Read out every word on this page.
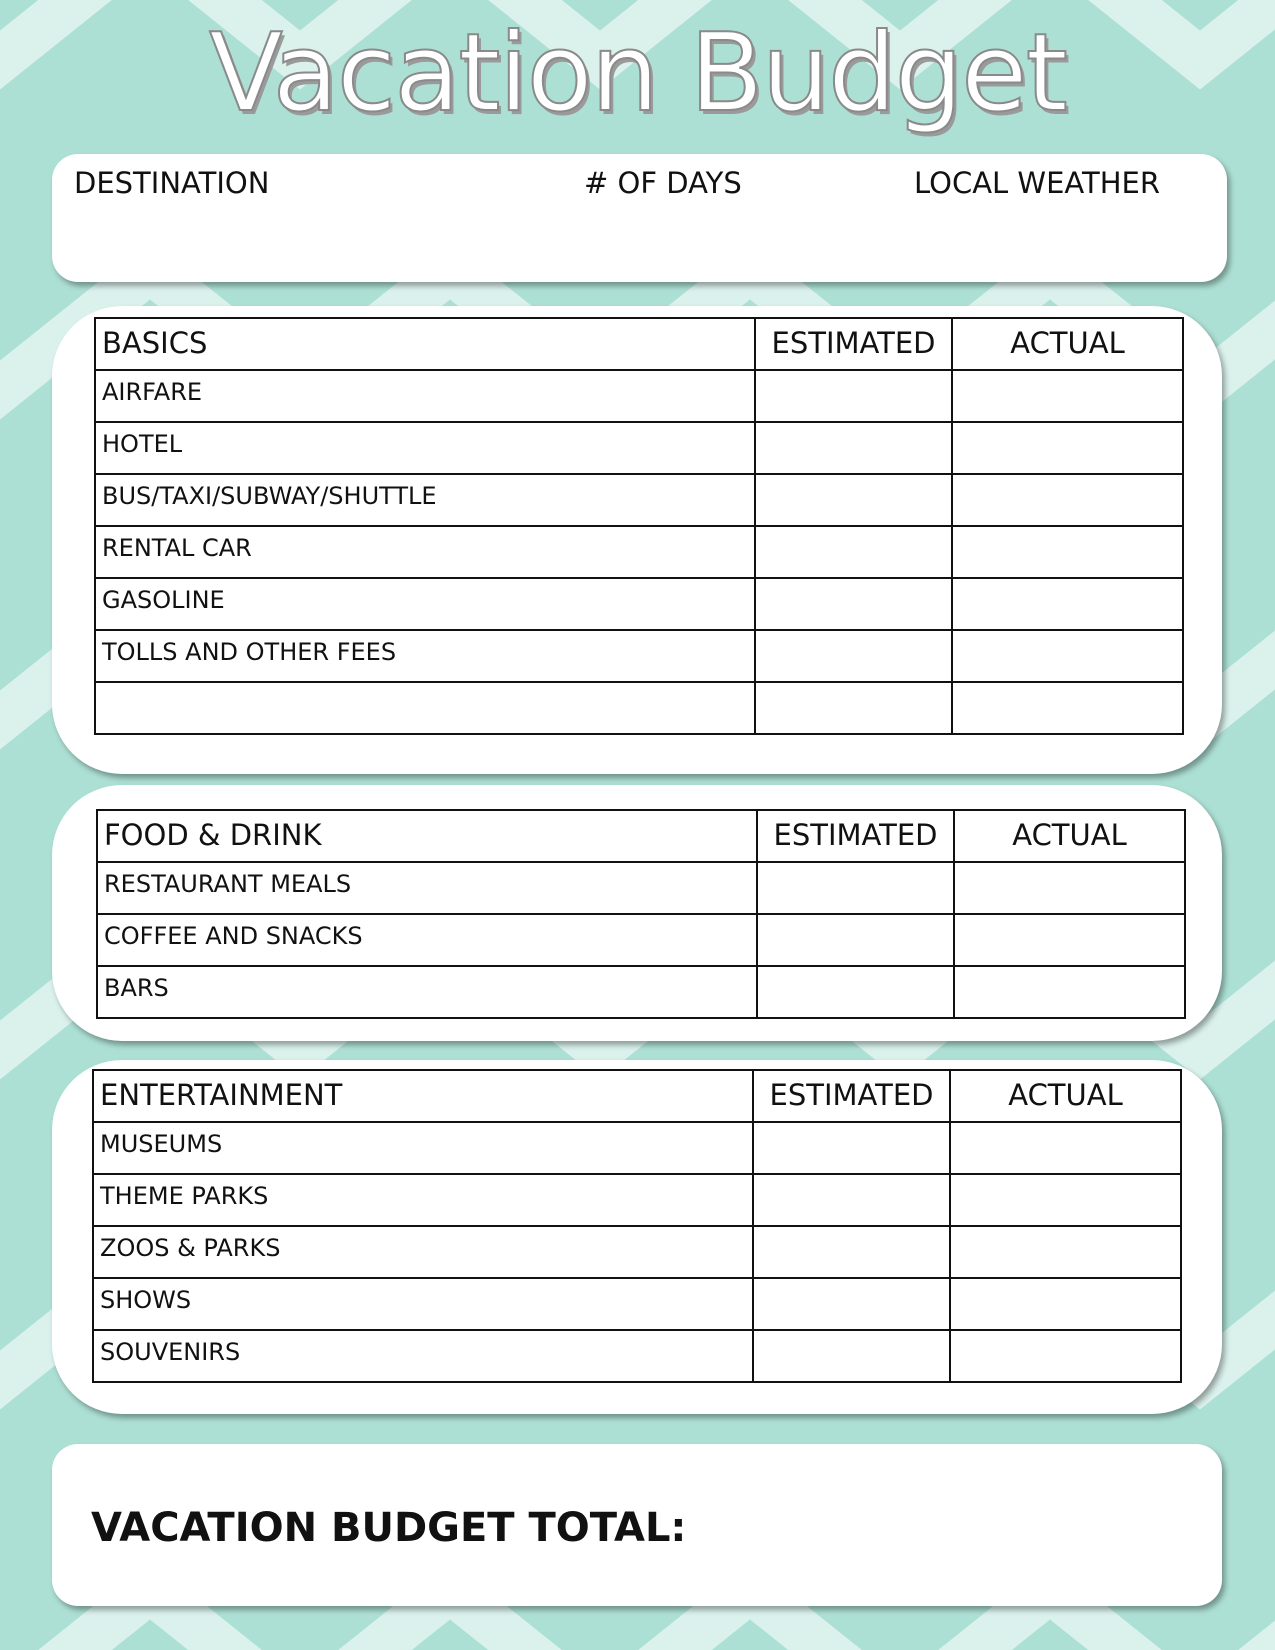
Vacation Budget
DESTINATION	# OF DAYS	LOCAL WEATHER
BASICS	ESTIMATED	ACTUAL
AIRFARE		
HOTEL		
BUS/TAXI/SUBWAY/SHUTTLE		
RENTAL CAR		
GASOLINE		
TOLLS AND OTHER FEES		

FOOD & DRINK	ESTIMATED	ACTUAL
RESTAURANT MEALS		
COFFEE AND SNACKS		
BARS		
ENTERTAINMENT	ESTIMATED	ACTUAL
MUSEUMS		
THEME PARKS		
ZOOS & PARKS		
SHOWS		
SOUVENIRS		
VACATION BUDGET TOTAL:
